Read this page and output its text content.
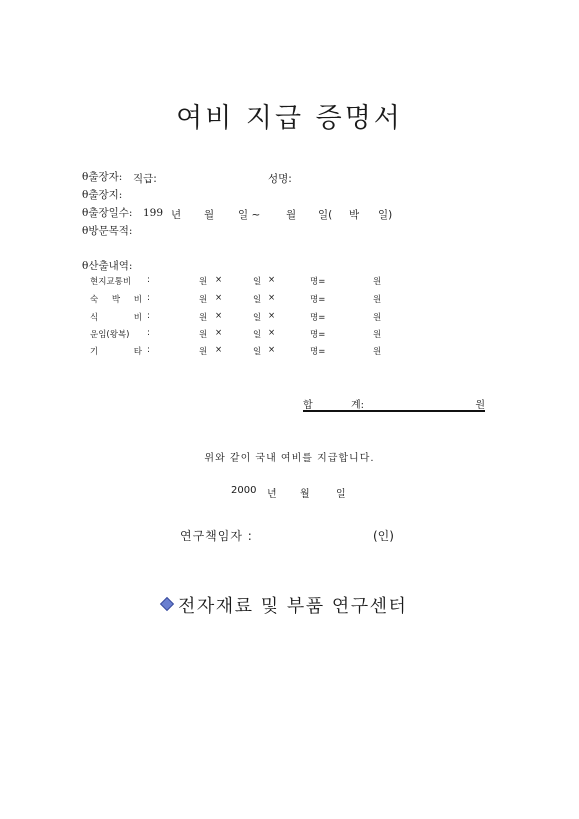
여비 지급 증명서
θ출장자: 직급:	성명:
θ출장지:
θ출장일수: 199 년 월 일 ~ 월 일( 박 일)
θ방문목적:
θ산출내역:
현지교통비	:	원 ×	일 ×	명=	원
숙 박 비 :	원 ×	일 ×	명=	원
식 비 :	원 ×	일 ×	명=	원
운임(왕복)	:	원 ×	일 ×	명=	원
기 타 :	원 ×	일 ×	명=	원
합	계:	원
위와 같이 국내 여비를 지급합니다.
2000 년 월	일
연구책임자 :	(인)
전자재료 및 부품 연구센터
